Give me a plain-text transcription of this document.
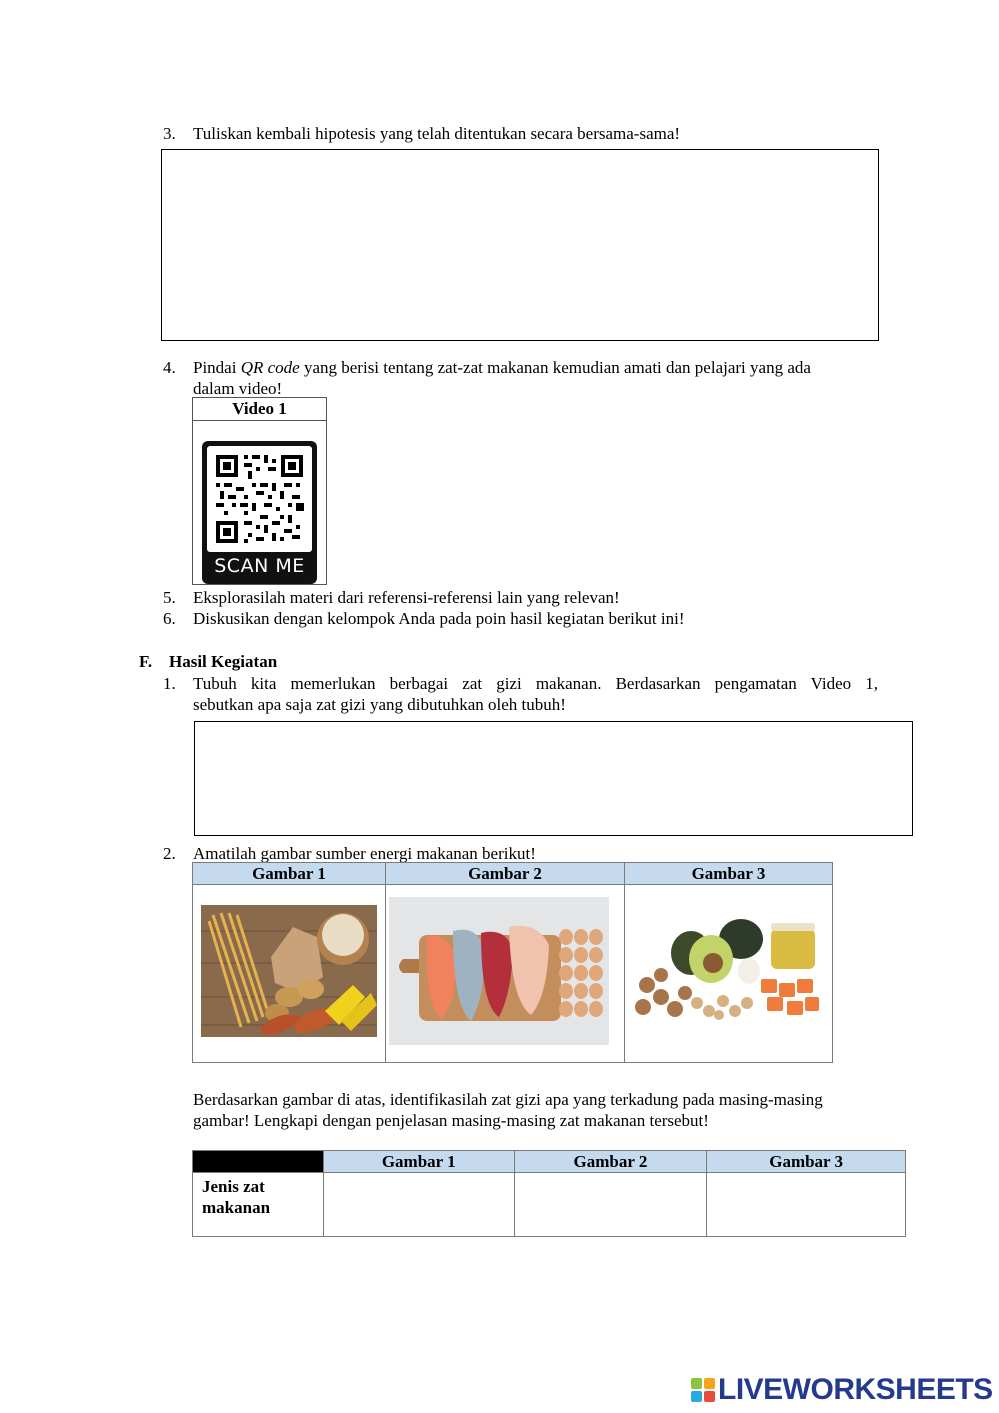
3. Tuliskan kembali hipotesis yang telah ditentukan secara bersama-sama!
4. Pindai QR code yang berisi tentang zat-zat makanan kemudian amati dan pelajari yang ada
dalam video!
Video 1
SCAN ME
5. Eksplorasilah materi dari referensi-referensi lain yang relevan!
6. Diskusikan dengan kelompok Anda pada poin hasil kegiatan berikut ini!
F. Hasil Kegiatan
1. Tubuh kita memerlukan berbagai zat gizi makanan. Berdasarkan pengamatan Video 1,
sebutkan apa saja zat gizi yang dibutuhkan oleh tubuh!
2. Amatilah gambar sumber energi makanan berikut!
Gambar 1	Gambar 2	Gambar 3

Berdasarkan gambar di atas, identifikasilah zat gizi apa yang terkadung pada masing-masing
gambar! Lengkapi dengan penjelasan masing-masing zat makanan tersebut!
	Gambar 1	Gambar 2	Gambar 3
Jenis zat
makanan			
LIVEWORKSHEETS
